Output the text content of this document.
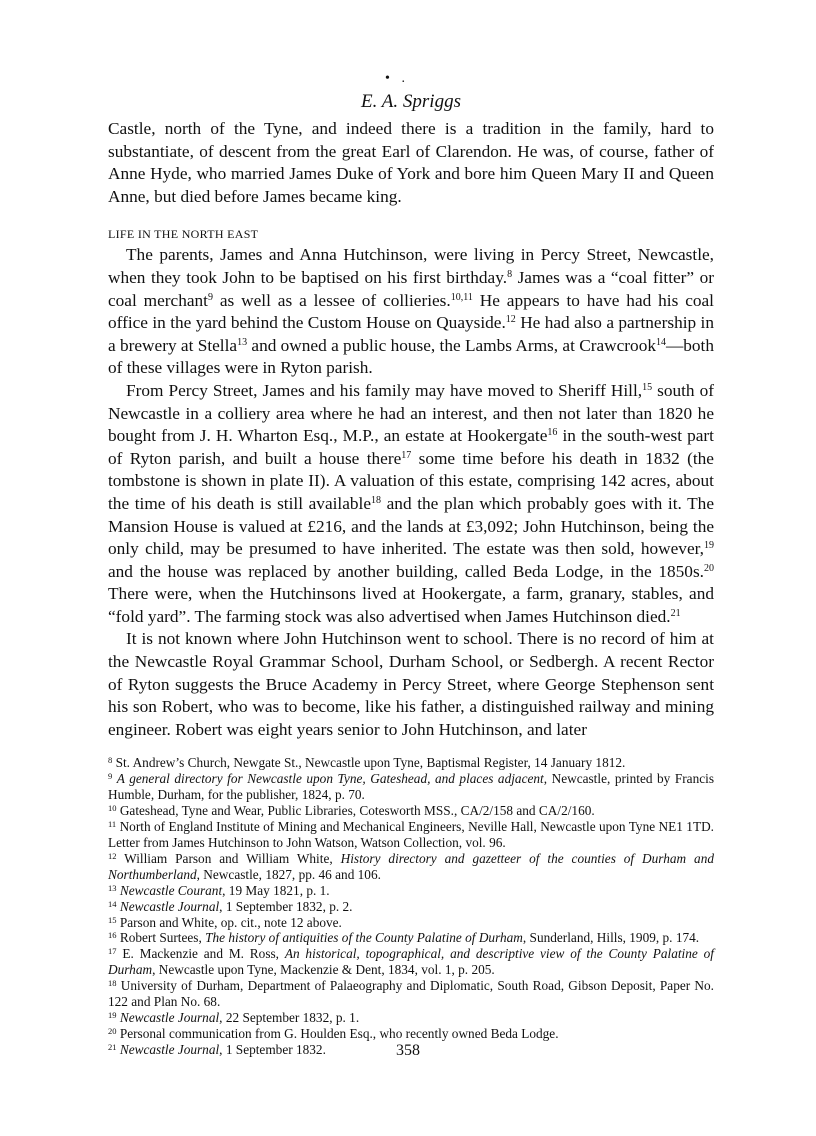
• .
E. A. Spriggs

Castle, north of the Tyne, and indeed there is a tradition in the family, hard to substantiate, of descent from the great Earl of Clarendon. He was, of course, father of Anne Hyde, who married James Duke of York and bore him Queen Mary II and Queen Anne, but died before James became king.

LIFE IN THE NORTH EAST

The parents, James and Anna Hutchinson, were living in Percy Street, Newcastle, when they took John to be baptised on his first birthday.$^8$ James was a “coal fitter” or coal merchant$^9$ as well as a lessee of collieries.$^{10,11}$ He appears to have had his coal office in the yard behind the Custom House on Quayside.$^{12}$ He had also a partnership in a brewery at Stella$^{13}$ and owned a public house, the Lambs Arms, at Crawcrook$^{14}$—both of these villages were in Ryton parish.

From Percy Street, James and his family may have moved to Sheriff Hill,$^{15}$ south of Newcastle in a colliery area where he had an interest, and then not later than 1820 he bought from J. H. Wharton Esq., M.P., an estate at Hookergate$^{16}$ in the south-west part of Ryton parish, and built a house there$^{17}$ some time before his death in 1832 (the tombstone is shown in plate II). A valuation of this estate, comprising 142 acres, about the time of his death is still available$^{18}$ and the plan which probably goes with it. The Mansion House is valued at £216, and the lands at £3,092; John Hutchinson, being the only child, may be presumed to have inherited. The estate was then sold, however,$^{19}$ and the house was replaced by another building, called Beda Lodge, in the 1850s.$^{20}$ There were, when the Hutchinsons lived at Hookergate, a farm, granary, stables, and “fold yard”. The farming stock was also advertised when James Hutchinson died.$^{21}$

It is not known where John Hutchinson went to school. There is no record of him at the Newcastle Royal Grammar School, Durham School, or Sedbergh. A recent Rector of Ryton suggests the Bruce Academy in Percy Street, where George Stephenson sent his son Robert, who was to become, like his father, a distinguished railway and mining engineer. Robert was eight years senior to John Hutchinson, and later

$^8$ St. Andrew’s Church, Newgate St., Newcastle upon Tyne, Baptismal Register, 14 January 1812.
$^9$ A general directory for Newcastle upon Tyne, Gateshead, and places adjacent, Newcastle, printed by Francis Humble, Durham, for the publisher, 1824, p. 70.
$^{10}$ Gateshead, Tyne and Wear, Public Libraries, Cotesworth MSS., CA/2/158 and CA/2/160.
$^{11}$ North of England Institute of Mining and Mechanical Engineers, Neville Hall, Newcastle upon Tyne NE1 1TD. Letter from James Hutchinson to John Watson, Watson Collection, vol. 96.
$^{12}$ William Parson and William White, History directory and gazetteer of the counties of Durham and Northumberland, Newcastle, 1827, pp. 46 and 106.
$^{13}$ Newcastle Courant, 19 May 1821, p. 1.
$^{14}$ Newcastle Journal, 1 September 1832, p. 2.
$^{15}$ Parson and White, op. cit., note 12 above.
$^{16}$ Robert Surtees, The history of antiquities of the County Palatine of Durham, Sunderland, Hills, 1909, p. 174.
$^{17}$ E. Mackenzie and M. Ross, An historical, topographical, and descriptive view of the County Palatine of Durham, Newcastle upon Tyne, Mackenzie & Dent, 1834, vol. 1, p. 205.
$^{18}$ University of Durham, Department of Palaeography and Diplomatic, South Road, Gibson Deposit, Paper No. 122 and Plan No. 68.
$^{19}$ Newcastle Journal, 22 September 1832, p. 1.
$^{20}$ Personal communication from G. Houlden Esq., who recently owned Beda Lodge.
$^{21}$ Newcastle Journal, 1 September 1832.	358
